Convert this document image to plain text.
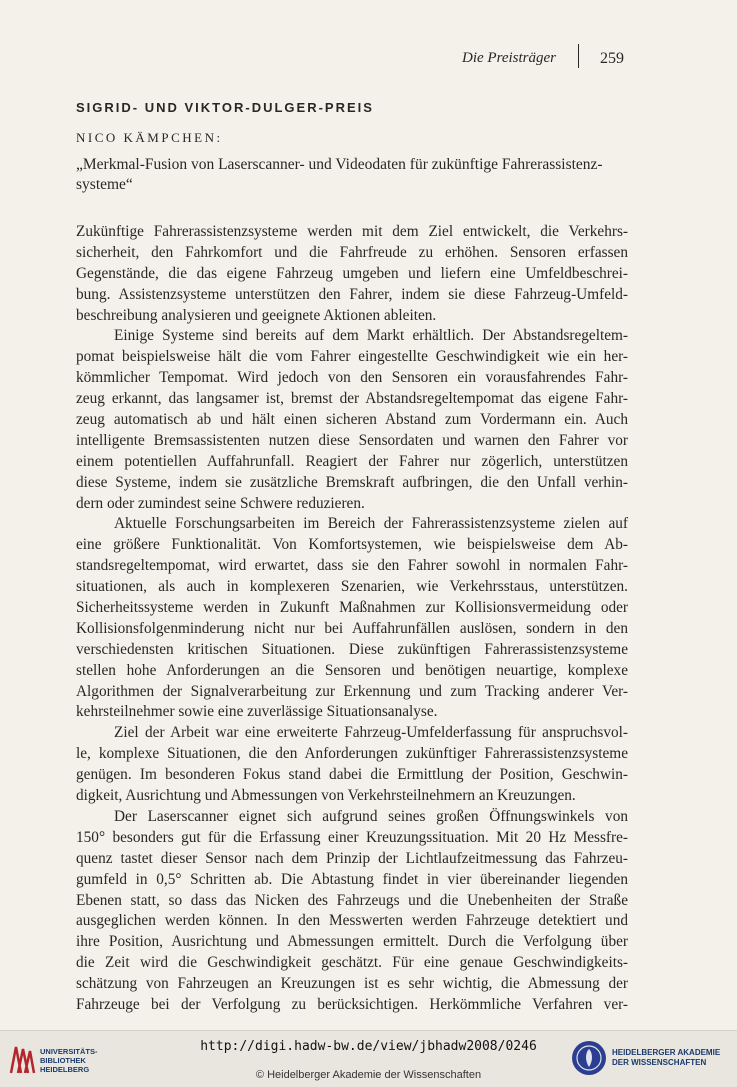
Die Preisträger	259
SIGRID- UND VIKTOR-DULGER-PREIS
NICO KÄMPCHEN:
„Merkmal-Fusion von Laserscanner- und Videodaten für zukünftige Fahrerassistenz-systeme“
Zukünftige Fahrerassistenzsysteme werden mit dem Ziel entwickelt, die Verkehrs-
sicherheit, den Fahrkomfort und die Fahrfreude zu erhöhen. Sensoren erfassen
Gegenstände, die das eigene Fahrzeug umgeben und liefern eine Umfeldbeschrei-
bung. Assistenzsysteme unterstützen den Fahrer, indem sie diese Fahrzeug-Umfeld-
beschreibung analysieren und geeignete Aktionen ableiten.
Einige Systeme sind bereits auf dem Markt erhältlich. Der Abstandsregeltem-
pomat beispielsweise hält die vom Fahrer eingestellte Geschwindigkeit wie ein her-
kömmlicher Tempomat. Wird jedoch von den Sensoren ein vorausfahrendes Fahr-
zeug erkannt, das langsamer ist, bremst der Abstandsregeltempomat das eigene Fahr-
zeug automatisch ab und hält einen sicheren Abstand zum Vordermann ein. Auch
intelligente Bremsassistenten nutzen diese Sensordaten und warnen den Fahrer vor
einem potentiellen Auffahrunfall. Reagiert der Fahrer nur zögerlich, unterstützen
diese Systeme, indem sie zusätzliche Bremskraft aufbringen, die den Unfall verhin-
dern oder zumindest seine Schwere reduzieren.
Aktuelle Forschungsarbeiten im Bereich der Fahrerassistenzsysteme zielen auf
eine größere Funktionalität. Von Komfortsystemen, wie beispielsweise dem Ab-
standsregeltempomat, wird erwartet, dass sie den Fahrer sowohl in normalen Fahr-
situationen, als auch in komplexeren Szenarien, wie Verkehrsstaus, unterstützen.
Sicherheitssysteme werden in Zukunft Maßnahmen zur Kollisionsvermeidung oder
Kollisionsfolgenminderung nicht nur bei Auffahrunfällen auslösen, sondern in den
verschiedensten kritischen Situationen. Diese zukünftigen Fahrerassistenzsysteme
stellen hohe Anforderungen an die Sensoren und benötigen neuartige, komplexe
Algorithmen der Signalverarbeitung zur Erkennung und zum Tracking anderer Ver-
kehrsteilnehmer sowie eine zuverlässige Situationsanalyse.
Ziel der Arbeit war eine erweiterte Fahrzeug-Umfelderfassung für anspruchsvol-
le, komplexe Situationen, die den Anforderungen zukünftiger Fahrerassistenzsysteme
genügen. Im besonderen Fokus stand dabei die Ermittlung der Position, Geschwin-
digkeit, Ausrichtung und Abmessungen von Verkehrsteilnehmern an Kreuzungen.
Der Laserscanner eignet sich aufgrund seines großen Öffnungswinkels von
150° besonders gut für die Erfassung einer Kreuzungssituation. Mit 20 Hz Messfre-
quenz tastet dieser Sensor nach dem Prinzip der Lichtlaufzeitmessung das Fahrzeu-
gumfeld in 0,5° Schritten ab. Die Abtastung findet in vier übereinander liegenden
Ebenen statt, so dass das Nicken des Fahrzeugs und die Unebenheiten der Straße
ausgeglichen werden können. In den Messwerten werden Fahrzeuge detektiert und
ihre Position, Ausrichtung und Abmessungen ermittelt. Durch die Verfolgung über
die Zeit wird die Geschwindigkeit geschätzt. Für eine genaue Geschwindigkeits-
schätzung von Fahrzeugen an Kreuzungen ist es sehr wichtig, die Abmessung der
Fahrzeuge bei der Verfolgung zu berücksichtigen. Herkömmliche Verfahren ver-
UNIVERSITÄTS-
BIBLIOTHEK
HEIDELBERG
http://digi.hadw-bw.de/view/jbhadw2008/0246
© Heidelberger Akademie der Wissenschaften
HEIDELBERGER AKADEMIE
DER WISSENSCHAFTEN
